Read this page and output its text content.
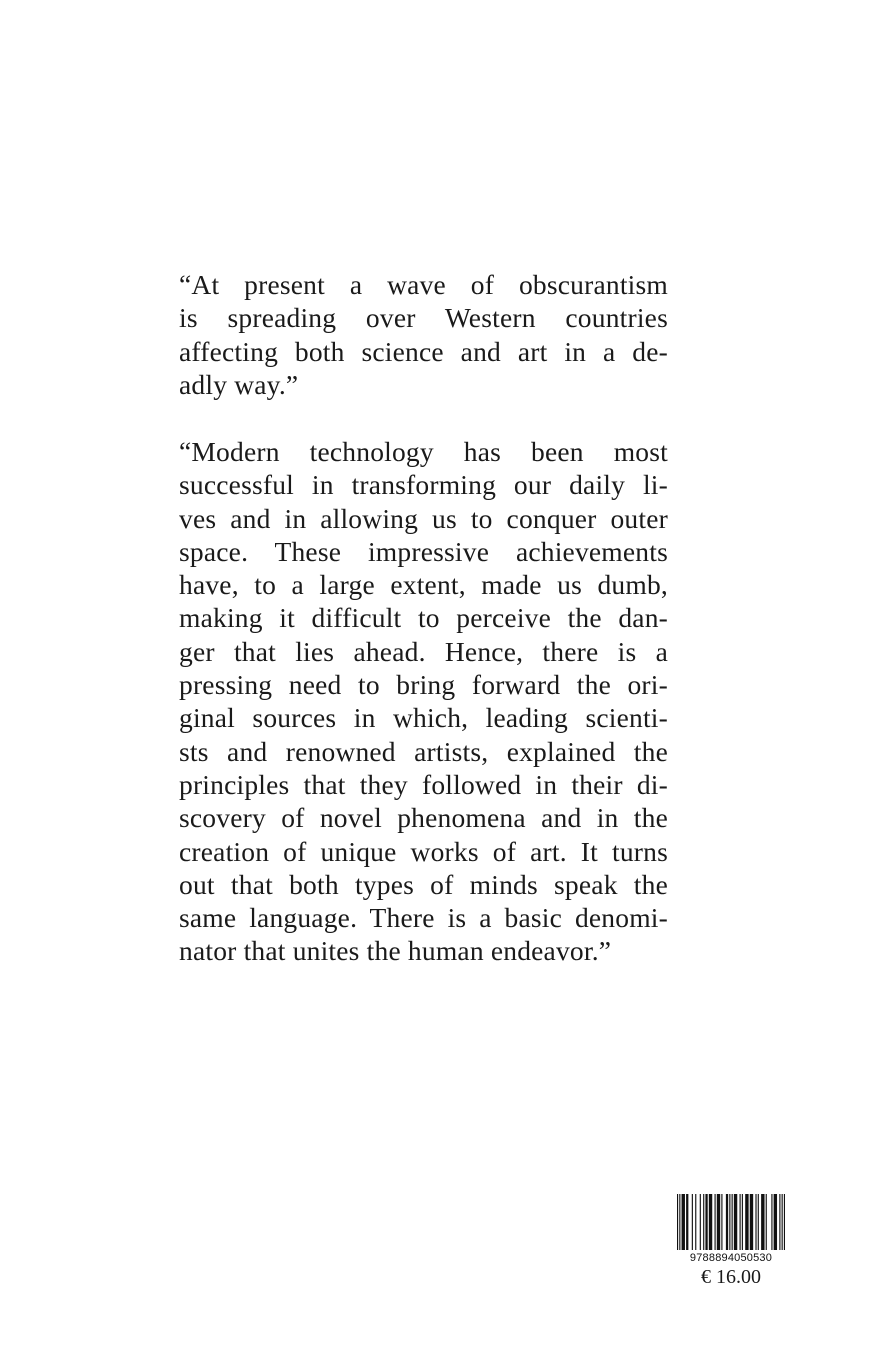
“At present a wave of obscurantism
is spreading over Western countries
affecting both science and art in a de-
adly way.”
“Modern technology has been most
successful in transforming our daily li-
ves and in allowing us to conquer outer
space. These impressive achievements
have, to a large extent, made us dumb,
making it difficult to perceive the dan-
ger that lies ahead. Hence, there is a
pressing need to bring forward the ori-
ginal sources in which, leading scienti-
sts and renowned artists, explained the
principles that they followed in their di-
scovery of novel phenomena and in the
creation of unique works of art. It turns
out that both types of minds speak the
same language. There is a basic denomi-
nator that unites the human endeavor.”
9788894050530
€ 16.00
